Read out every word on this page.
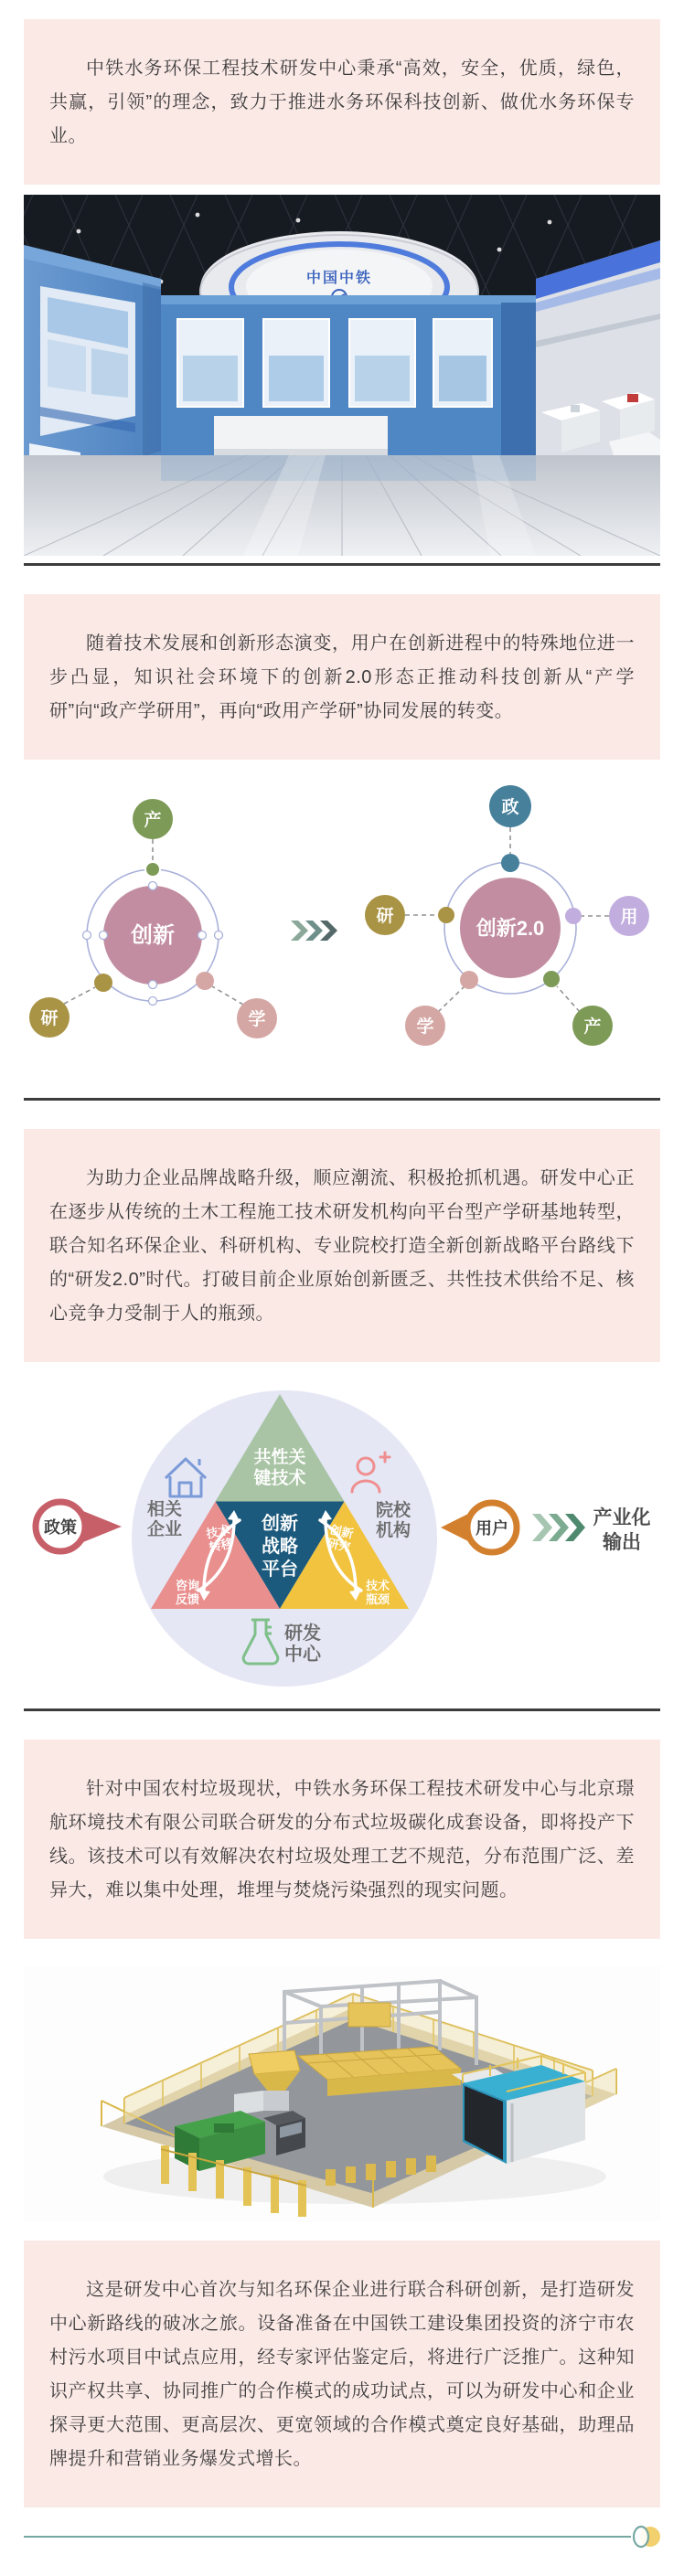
中铁水务环保工程技术研发中心秉承“高效，安全，优质，绿色，共赢，引领”的理念，致力于推进水务环保科技创新、做优水务环保专业。

中国中铁

随着技术发展和创新形态演变，用户在创新进程中的特殊地位进一步凸显，知识社会环境下的创新2.0形态正推动科技创新从“产学研”向“政产学研用”，再向“政用产学研”协同发展的转变。

创新
产
研	学
创新2.0
政
研	用
学	产

为助力企业品牌战略升级，顺应潮流、积极抢抓机遇。研发中心正在逐步从传统的土木工程施工技术研发机构向平台型产学研基地转型，联合知名环保企业、科研机构、专业院校打造全新创新战略平台路线下的“研发2.0”时代。打破目前企业原始创新匮乏、共性技术供给不足、核心竞争力受制于人的瓶颈。

共性关
键技术
创新
战略
平台
技术
转移
咨询
反馈
创新
研究
技术
瓶颈
相关
企业
院校
机构
研发
中心
政策	用户	产业化
输出

针对中国农村垃圾现状，中铁水务环保工程技术研发中心与北京璟航环境技术有限公司联合研发的分布式垃圾碳化成套设备，即将投产下线。该技术可以有效解决农村垃圾处理工艺不规范，分布范围广泛、差异大，难以集中处理，堆埋与焚烧污染强烈的现实问题。

这是研发中心首次与知名环保企业进行联合科研创新，是打造研发中心新路线的破冰之旅。设备准备在中国铁工建设集团投资的济宁市农村污水项目中试点应用，经专家评估鉴定后，将进行广泛推广。这种知识产权共享、协同推广的合作模式的成功试点，可以为研发中心和企业探寻更大范围、更高层次、更宽领域的合作模式奠定良好基础，助理品牌提升和营销业务爆发式增长。
